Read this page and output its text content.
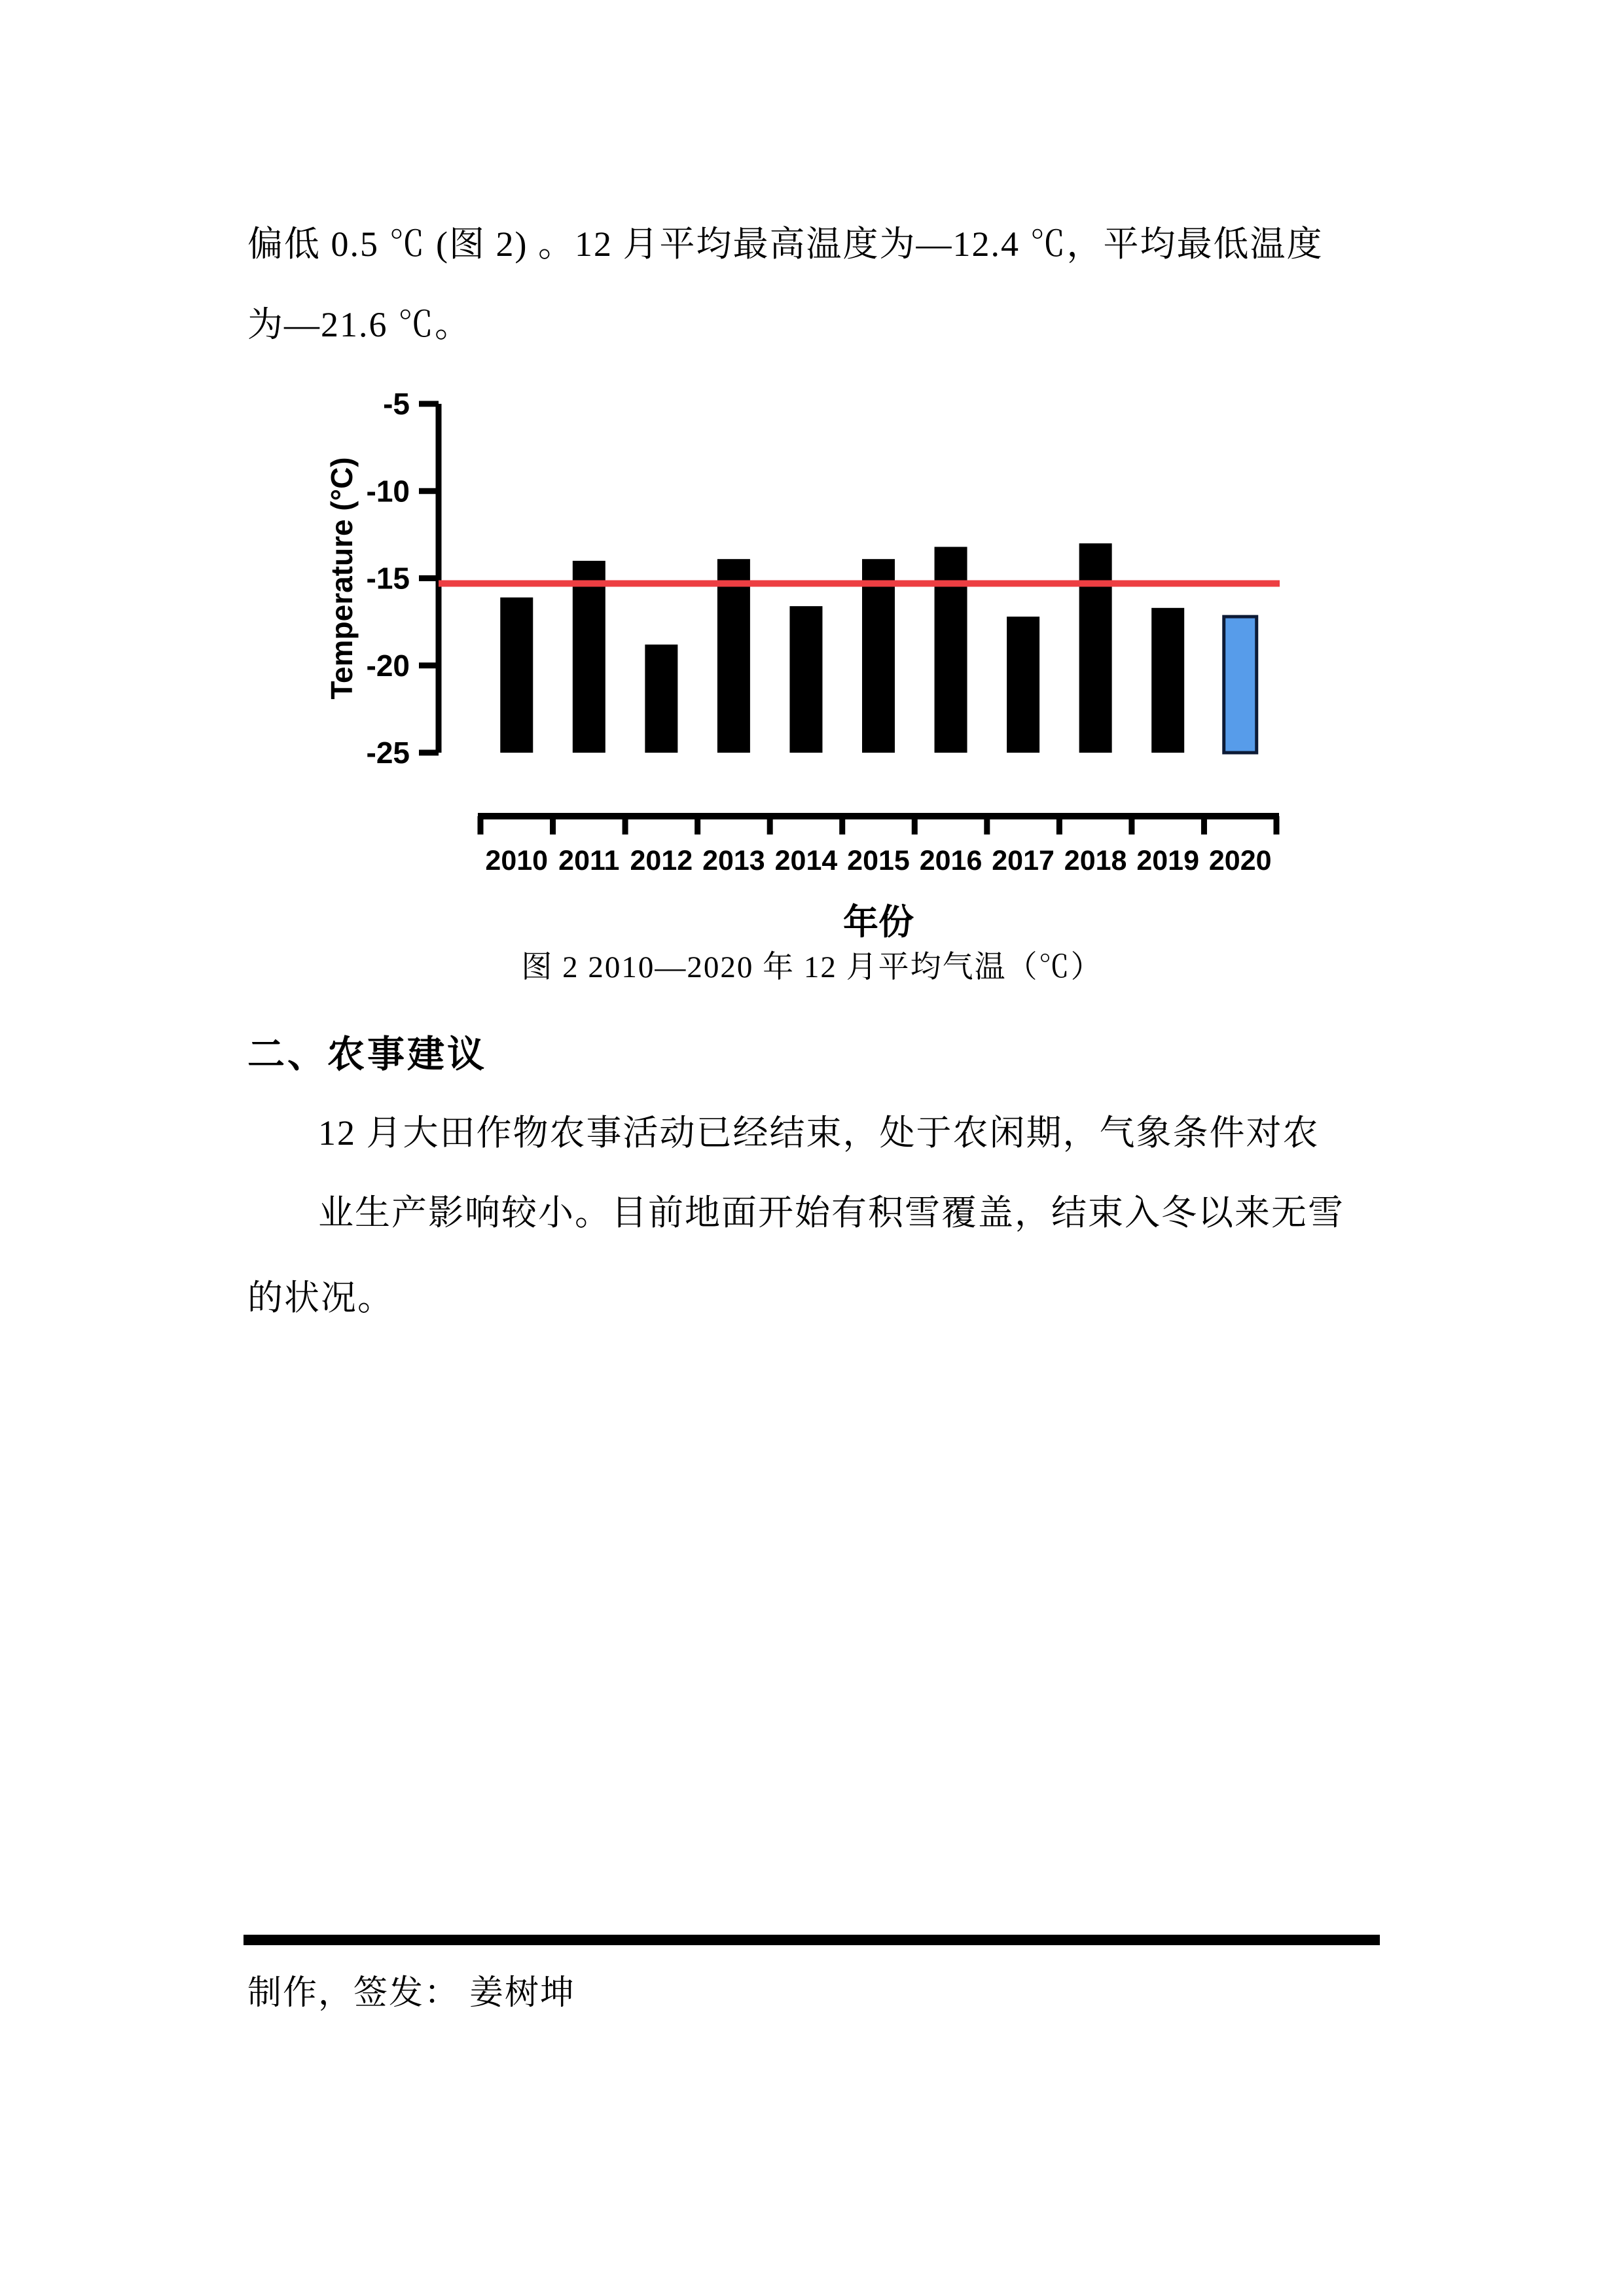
偏低 0.5 ℃ (图 2) 。12 月平均最高温度为—12.4 ℃，平均最低温度
为—21.6 ℃。
-5
-10
-15
-20
-25
Temperature (°C)
2010 2011 2012 2013 2014 2015 2016 2017 2018 2019 2020
年份
图 2 2010—2020 年 12 月平均气温（℃）
二、农事建议
12 月大田作物农事活动已经结束，处于农闲期，气象条件对农
业生产影响较小。目前地面开始有积雪覆盖，结束入冬以来无雪
的状况。
制作，签发： 姜树坤
